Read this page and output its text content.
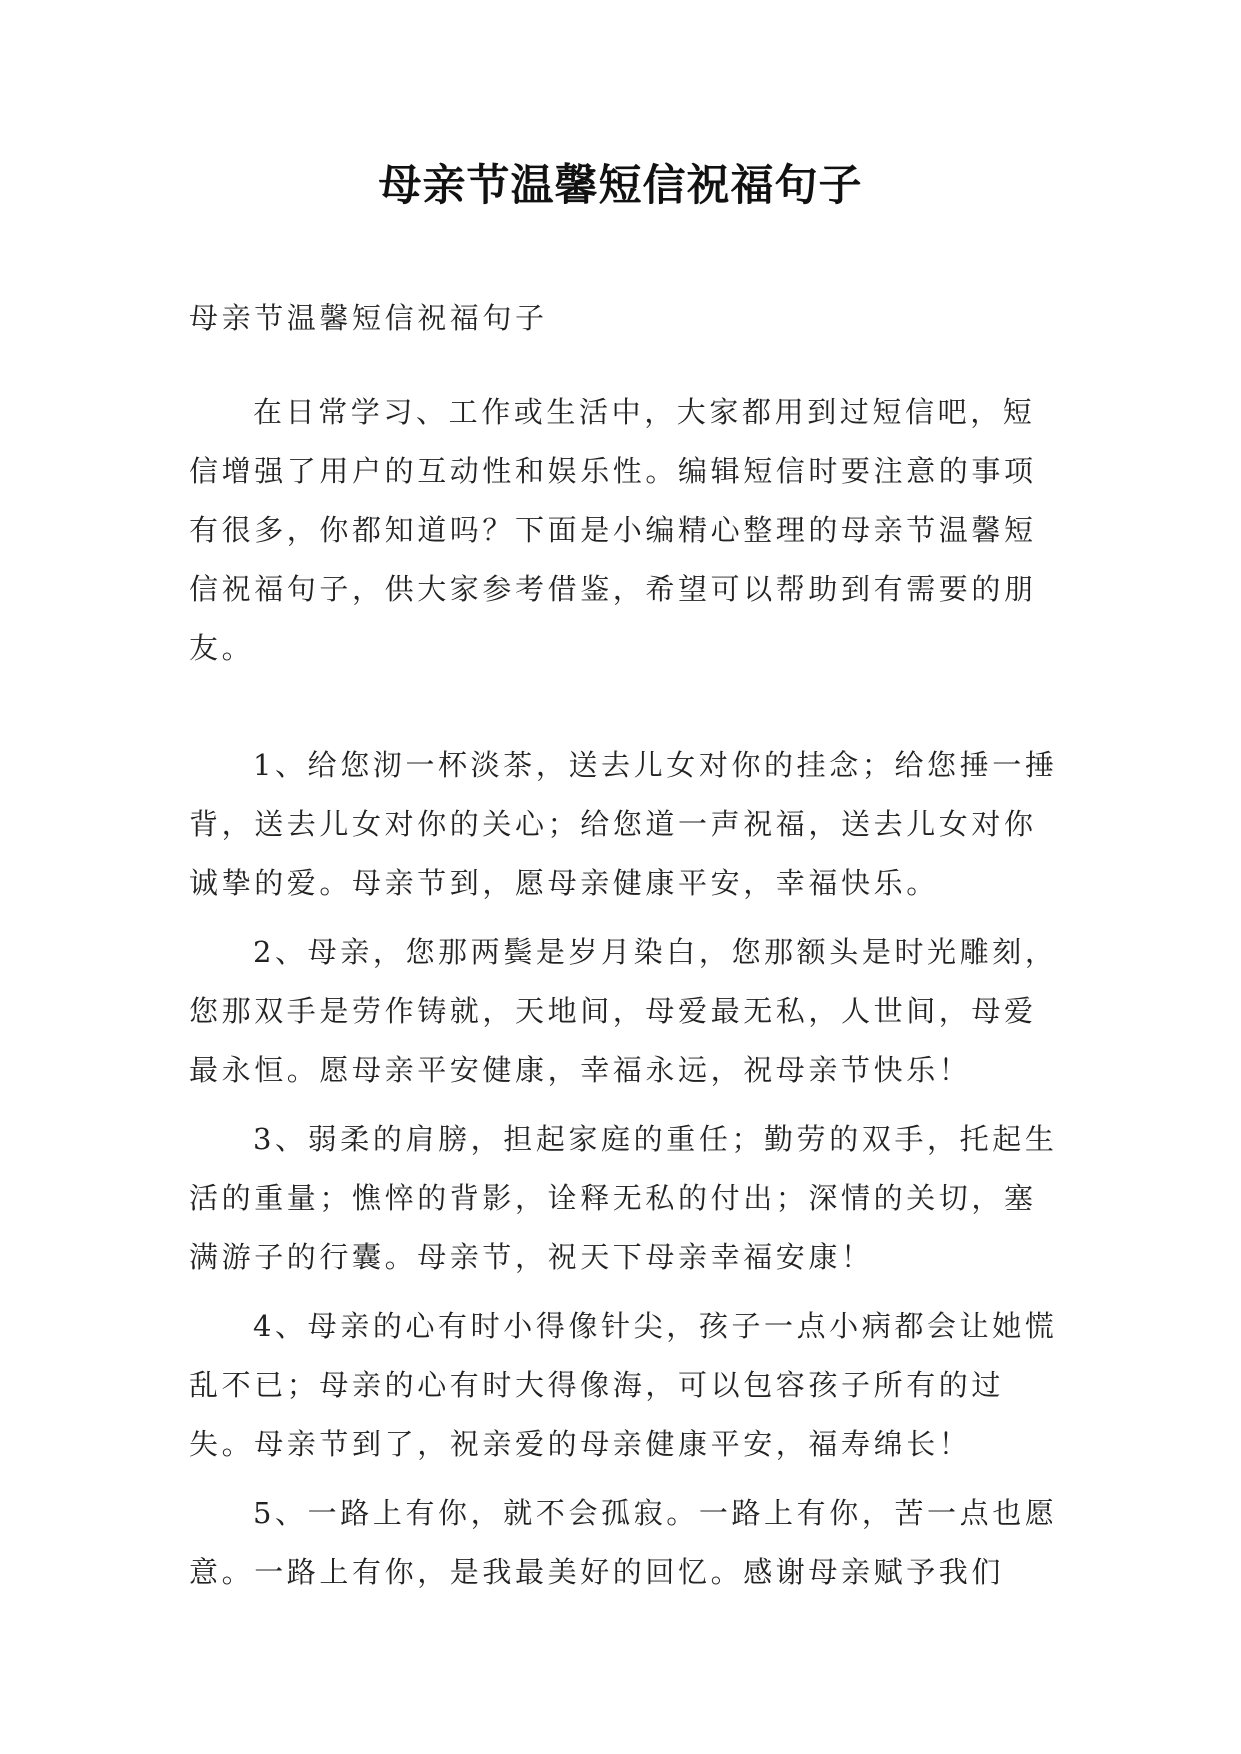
母亲节温馨短信祝福句子

母亲节温馨短信祝福句子

在日常学习、工作或生活中，大家都用到过短信吧，短信增强了用户的互动性和娱乐性。编辑短信时要注意的事项有很多，你都知道吗？下面是小编精心整理的母亲节温馨短信祝福句子，供大家参考借鉴，希望可以帮助到有需要的朋友。

1、给您沏一杯淡茶，送去儿女对你的挂念；给您捶一捶背，送去儿女对你的关心；给您道一声祝福，送去儿女对你诚挚的爱。母亲节到，愿母亲健康平安，幸福快乐。

2、母亲，您那两鬓是岁月染白，您那额头是时光雕刻，您那双手是劳作铸就，天地间，母爱最无私，人世间，母爱最永恒。愿母亲平安健康，幸福永远，祝母亲节快乐！

3、弱柔的肩膀，担起家庭的重任；勤劳的双手，托起生活的重量；憔悴的背影，诠释无私的付出；深情的关切，塞满游子的行囊。母亲节，祝天下母亲幸福安康！

4、母亲的心有时小得像针尖，孩子一点小病都会让她慌乱不已；母亲的心有时大得像海，可以包容孩子所有的过失。母亲节到了，祝亲爱的母亲健康平安，福寿绵长！

5、一路上有你，就不会孤寂。一路上有你，苦一点也愿意。一路上有你，是我最美好的回忆。感谢母亲赋予我们
